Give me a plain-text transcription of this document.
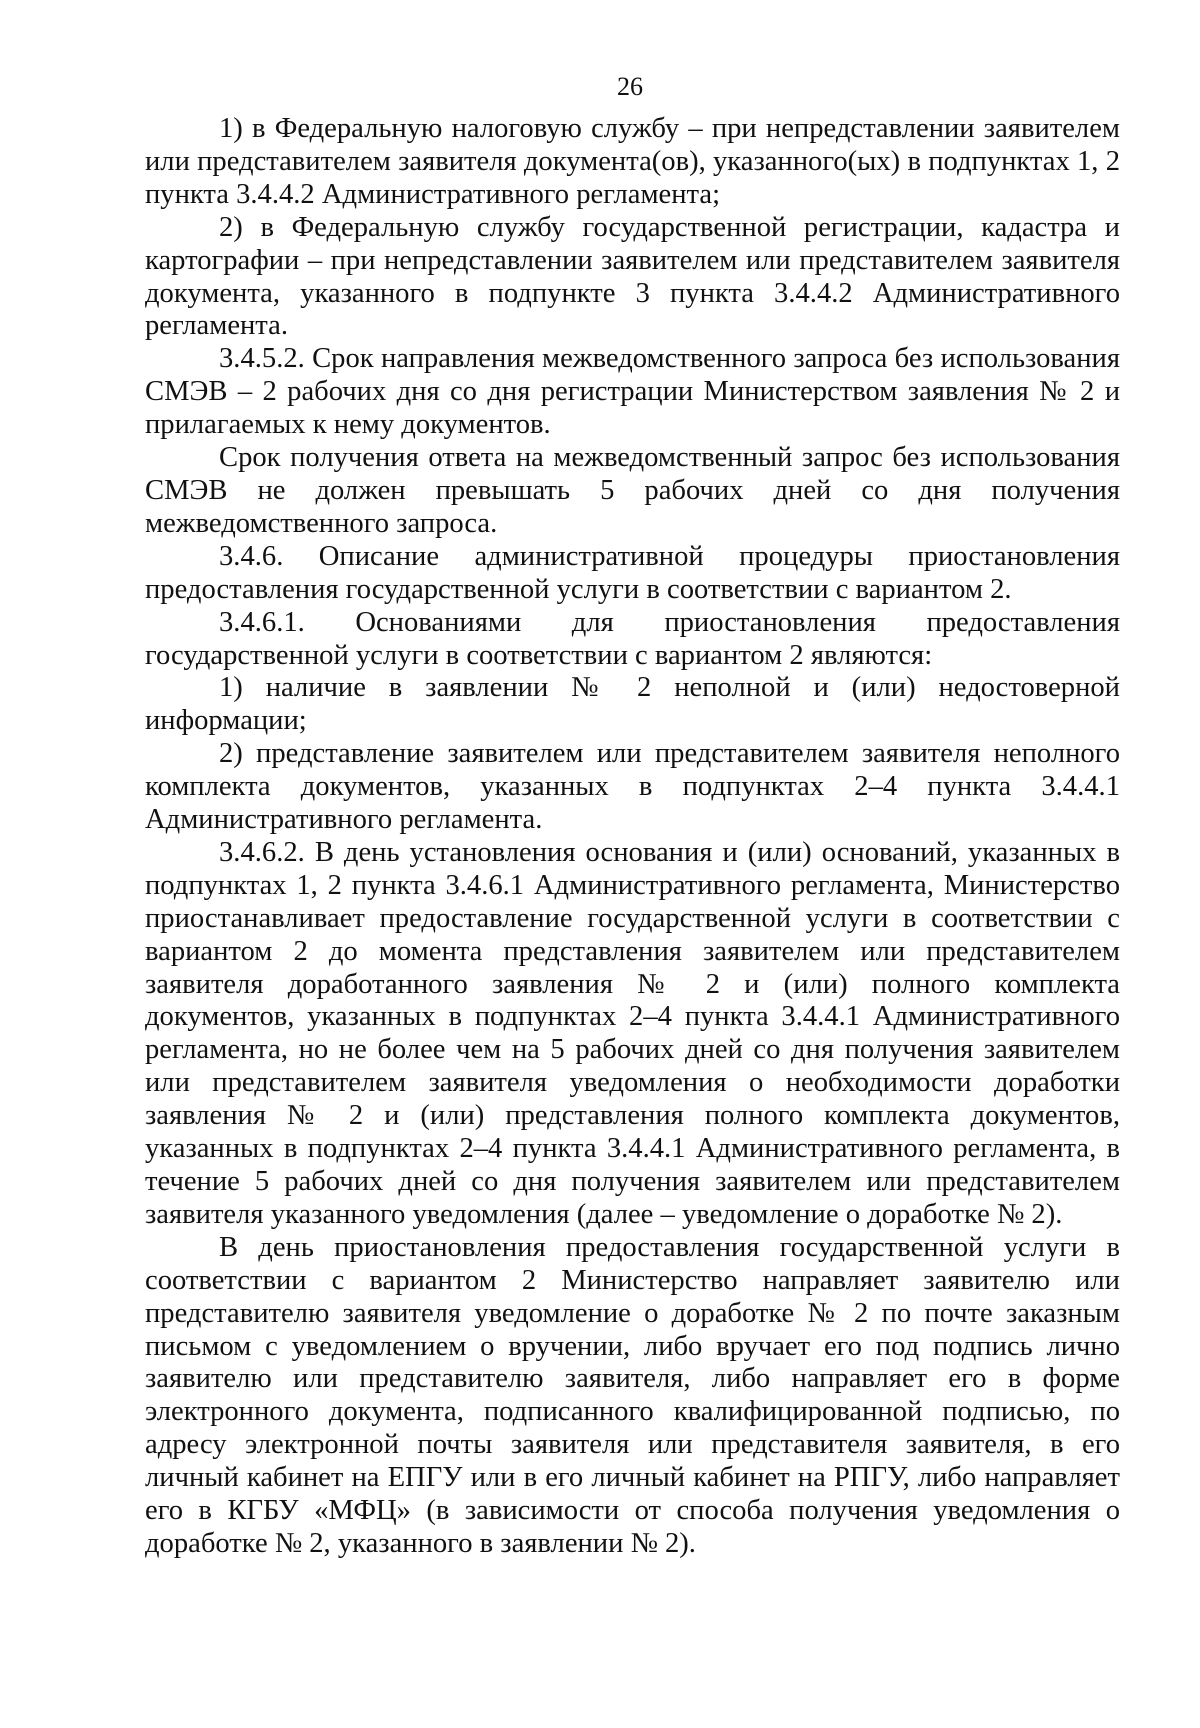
26

1) в Федеральную налоговую службу – при непредставлении заявителем или представителем заявителя документа(ов), указанного(ых) в подпунктах 1, 2 пункта 3.4.4.2 Административного регламента;

2) в Федеральную службу государственной регистрации, кадастра и картографии – при непредставлении заявителем или представителем заявителя документа, указанного в подпункте 3 пункта 3.4.4.2 Административного регламента.

3.4.5.2. Срок направления межведомственного запроса без использования СМЭВ – 2 рабочих дня со дня регистрации Министерством заявления № 2 и прилагаемых к нему документов.

Срок получения ответа на межведомственный запрос без использования СМЭВ не должен превышать 5 рабочих дней со дня получения межведомственного запроса.

3.4.6. Описание административной процедуры приостановления предоставления государственной услуги в соответствии с вариантом 2.

3.4.6.1. Основаниями для приостановления предоставления государственной услуги в соответствии с вариантом 2 являются:

1) наличие в заявлении № 2 неполной и (или) недостоверной информации;

2) представление заявителем или представителем заявителя неполного комплекта документов, указанных в подпунктах 2–4 пункта 3.4.4.1 Административного регламента.

3.4.6.2. В день установления основания и (или) оснований, указанных в подпунктах 1, 2 пункта 3.4.6.1 Административного регламента, Министерство приостанавливает предоставление государственной услуги в соответствии с вариантом 2 до момента представления заявителем или представителем заявителя доработанного заявления № 2 и (или) полного комплекта документов, указанных в подпунктах 2–4 пункта 3.4.4.1 Административного регламента, но не более чем на 5 рабочих дней со дня получения заявителем или представителем заявителя уведомления о необходимости доработки заявления № 2 и (или) представления полного комплекта документов, указанных в подпунктах 2–4 пункта 3.4.4.1 Административного регламента, в течение 5 рабочих дней со дня получения заявителем или представителем заявителя указанного уведомления (далее – уведомление о доработке № 2).

В день приостановления предоставления государственной услуги в соответствии с вариантом 2 Министерство направляет заявителю или представителю заявителя уведомление о доработке № 2 по почте заказным письмом с уведомлением о вручении, либо вручает его под подпись лично заявителю или представителю заявителя, либо направляет его в форме электронного документа, подписанного квалифицированной подписью, по адресу электронной почты заявителя или представителя заявителя, в его личный кабинет на ЕПГУ или в его личный кабинет на РПГУ, либо направляет его в КГБУ «МФЦ» (в зависимости от способа получения уведомления о доработке № 2, указанного в заявлении № 2).
